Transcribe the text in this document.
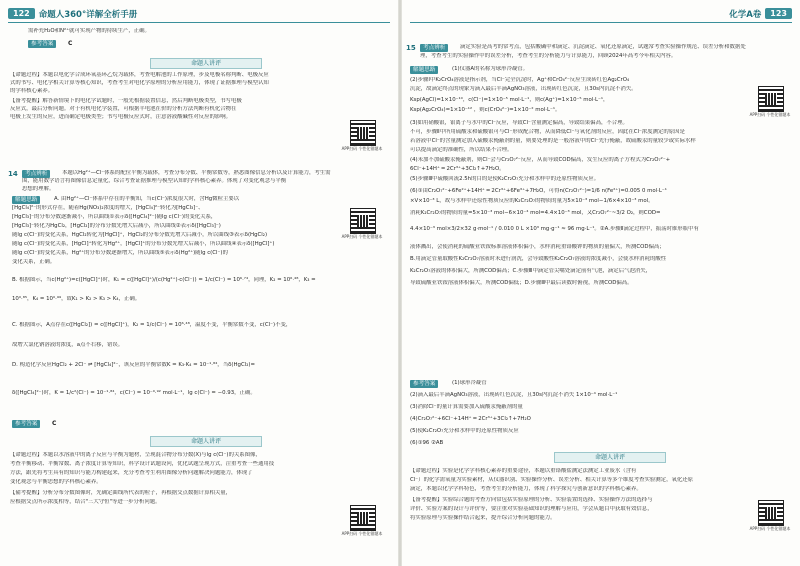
122	命题人360°详解全析手册
需补充H₂O和N²⁺就可实现产物的持续生产，正确。
参考答案	C
命题人讲评
【命题过程】本题以电化学合成环氧基环乙烷为载体，考查电解池的工作原理，步及电极名称判断、电极反应
式的书写、电化学相关计算等核心知识，考查考生对电化学原理的分析应用能力，体现了证据推理与模型认知
的学科核心素养。
【备考提醒】解答新情境下的电化学试题时，一般先根据装置信息，然后判断电极类型，书写电极
反应式，最后分析问题。对于有机电化学装置，可根据半电池在价的分析方法判断有机化合物在
电极上发生的反应，进而确定电极类型；书写电极反应式时，注意溶液酸碱性对反应的影响。
APP扫码 个性化错题本
14	考点辨析	本题以Hg²⁺—Cl⁻体系的配位平衡为载体，考查分布分数、平衡常数等，熟悉图像信息分析以及计算能力，考生需
围，能用数学语言将图像信息定量化，综合考查证据推理与模型认知的学科核心素养。体现了对变化观念与平衡
思想的理解。
解题思路	A. 由Hg²⁺—Cl⁻体系中存在的平衡知，当c(Cl⁻)浓度很大时，含Hg微粒主要以
[HgCl₄]²⁻的形式存在，随着Hg(NO₃)₂浓度的增大，[HgCl₄]²⁻转化为[HgCl₃]⁻、
[HgCl₃]⁻的分布分数逐渐减小，所以曲线①表示δ([HgCl₄]²⁻)随lg c(Cl⁻)的变化关系，
[HgCl₃]⁻转化为HgCl₂，[HgCl₂]的分布分数先增大后减小，所以曲线②表示δ([HgCl₃]⁻)
APP扫码 个性化错题本
随lg c(Cl⁻)的变化关系，HgCl₂转化为[HgCl]⁺，HgCl₂的分布分数先增大后减小，所以曲线③表示δ(HgCl₂)
随lg c(Cl⁻)的变化关系，[HgCl]⁺转化为Hg²⁺，[HgCl]⁺的分布分数先增大后减小，所以曲线④表示δ([HgCl]⁺)
随lg c(Cl⁻)的变化关系，Hg²⁺的分布分数逐渐增大，所以曲线⑤表示δ(Hg²⁺)随lg c(Cl⁻)的
变化关系，正确。
B. 根据图示，当c(Hg²⁺)=c([HgCl]⁺)时，K₁ = c([HgCl]⁺)/(c(Hg²⁺)·c(Cl⁻)) = 1/c(Cl⁻) = 10⁶·⁷⁴，同理，K₂ = 10⁶·⁴⁸，K₃ =
10⁰·⁸⁵，K₄ = 10⁰·⁹⁹，故K₁ > K₂ > K₃ > K₄，正确。
C. 根据图示，A点存在c([HgCl₂]) = c([HgCl]⁺)，K₂ = 1/c(Cl⁻) = 10⁶·⁴⁸，温度不变，平衡常数不变，c(Cl⁻)不变，
故增大氯化钠溶液的浓度，a点不右移，错误。
D. 构造化学反应HgCl₂ + 2Cl⁻ ⇌ [HgCl₄]²⁻，该反应的平衡常数K = K₃·K₄ = 10⁻¹·⁸⁴，当δ(HgCl₂)=
δ([HgCl₄]²⁻)时，K = 1/c²(Cl⁻) = 10⁻¹·⁸⁴，c(Cl⁻) = 10⁻⁰·⁹² mol·L⁻¹，lg c(Cl⁻) = −0.93，正确。
参考答案	C
命题人讲评
【命题过程】本题以水溶液中的离子反应与平衡为题材，呈现混合物分布分数(X)与lg c(Cl⁻)的关系图像，
考查平衡移动、平衡常数、离子浓度计算等知识，科学设计试题设问，优化试题呈现方式，注重考查一些通用技
方法，跟先将考生具有的知识与能力构建起来，充分考查考生利用图像分析问题解决问题能力，体现了
变化观念与平衡思想的学科核心素养。
【備考提醒】分析分布分数图像时，先确定曲线所代表的粒子，再根据交点数据计算相关量，
应根据交点所示浓度相等，结合"三大守恒"等进一步分析问题。
APP扫码 个性化错题本
化学A卷	123
15	考点辨析	滴定实验是高考的常考点，包括酸碱中和滴定、沉淀滴定、氧化还原滴定，试题常考查实验操作规范、误差分析和数据处
理，考查考生的实验操作中的误差分析，考查考生的分析能力与计算能力，回顾2024年高考今年相关内容。
解题思路	(1)仪器A的名称为球形冷凝管。
(2)步骤Ⅰ中K₂CrO₄溶液是指示剂，当Cl⁻完全沉淀时，Ag⁺和CrO₄²⁻反应生成砖红色Ag₂CrO₄
沉淀，故滴定终点的现象为滴入最后半滴AgNO₃溶液，出现砖红色沉淀，且30s内沉淀不消失。
Ksp(AgCl)=1×10⁻¹⁰，c(Cl⁻)=1×10⁻⁵ mol·L⁻¹，则c(Ag⁺)=1×10⁻⁵ mol·L⁻¹，
Ksp(Ag₂CrO₄)=1×10⁻¹² ，则c(CrO₄²⁻)=1×10⁻² mol·L⁻¹。
APP扫码 个性化错题本
(3)如用硝酸银，银离子与水中的Cl⁻反应，导致Cl⁻含量测定偏高，导致结果偏高，不合理。
不可，步骤Ⅱ中所用硫酸汞和硫酸银可与Cl⁻形成配合物，从而降低Cl⁻与氧化剂的反应，因此在Cl⁻浓度测定的原因是
若溶液中Cl⁻的含量测定加入硫酸汞掩蔽剂的量，则要处理的是一般溶液中的Cl⁻先行掩蔽，故硫酸汞的量较少或实际水样
可以提高滴定的准确性，所以结果不合理。
(4)未加不加硫酸汞掩蔽剂，则Cl⁻会与Cr₂O₇²⁻反应，从而导致COD偏高，发生反应的离子方程式为Cr₂O₇²⁻+
6Cl⁻+14H⁺ ═ 2Cr³⁺+3Cl₂↑+7H₂O。
(5)步骤Ⅲ中硫酸回流2.5h的目的是使K₂Cr₂O₇充分和水样中的还原性物质反应。
(6)①由Cr₂O₇²⁻+6Fe²⁺+14H⁺ ═ 2Cr³⁺+6Fe³⁺+7H₂O，可得n(Cr₂O₇²⁻)=1/6 n(Fe²⁺)=0.005 0 mol·L⁻¹
×V×10⁻³ L，故与水样中还原性物质反应的K₂Cr₂O₇的物质的量为5×10⁻³ mol−1/6×4×10⁻³ mol。
消耗K₂Cr₂O₇的物质的量=5×10⁻³ mol−6×10⁻⁴ mol=4.4×10⁻³ mol，又Cr₂O₇²⁻~3/2 O₂，则COD=
4.4×10⁻³ mol×3/2×32 g·mol⁻¹ / 0.010 0 L ×10³ mg·g⁻¹ ≈ 96 mg·L⁻¹。②A.步骤Ⅱ滴定过程中，振荡时锥形瓶中有
液体溅出，会使消耗的硫酸亚铁铵标准溶液体积偏小，水样消耗重铬酸钾的物质的量偏大，所测COD偏高；
B.用滴定管量取酸性K₂Cr₂O₇溶液时未进行润洗，会导致酸性K₂Cr₂O₇溶液的浓度减小，会使水样消耗的酸性
K₂Cr₂O₇溶液的体积偏大，所测COD偏高；C.步骤Ⅲ中滴定管尖嘴处滴定前有气泡，滴定后气泡消失，
导致硫酸亚铁铵溶液体积偏大，所测COD偏低；D.步骤Ⅲ中最后读数时俯视，所测COD偏高。
参考答案	(1)球形冷凝管
(2)滴入最后半滴AgNO₃溶液，出现砖红色沉淀，且30s内沉淀不消失 1×10⁻⁴ mol·L⁻¹
(3)消除Cl⁻的量计算需要加入硫酸汞掩蔽剂的量
(4)Cr₂O₇²⁻+6Cl⁻+14H⁺ ═ 2Cr³⁺+3Cl₂↑+7H₂O
(5)使K₂Cr₂O₇充分和水样中的还原性物质反应
(6)①96 ②AB
命题人讲评
【命题过程】实验是化学学科核心素养的重要途径，本题以重铬酸盐测定法测定工业废水（含有
Cl⁻）的化学需氧量为实验素材，从仪器识别、实验操作分析、误差分析、相关计算等多个维度考查实验测定，氧化还原
滴定，本题以化学学科特色，考查考生的分析能力，体现了科学探究与创新意识的学科核心素养。
【备考提醒】实验综合题的考查方向常包括实验原理的分析、实验装置的选择、实验操作方法的选择与
评价、实验方案的设计与评价等，要注重对实验基础知识的理解与应用，学会从题目中获取有效信息，
将实验原理与实验操作结合起来，提升综合分析问题的能力。
APP扫码 个性化错题本
